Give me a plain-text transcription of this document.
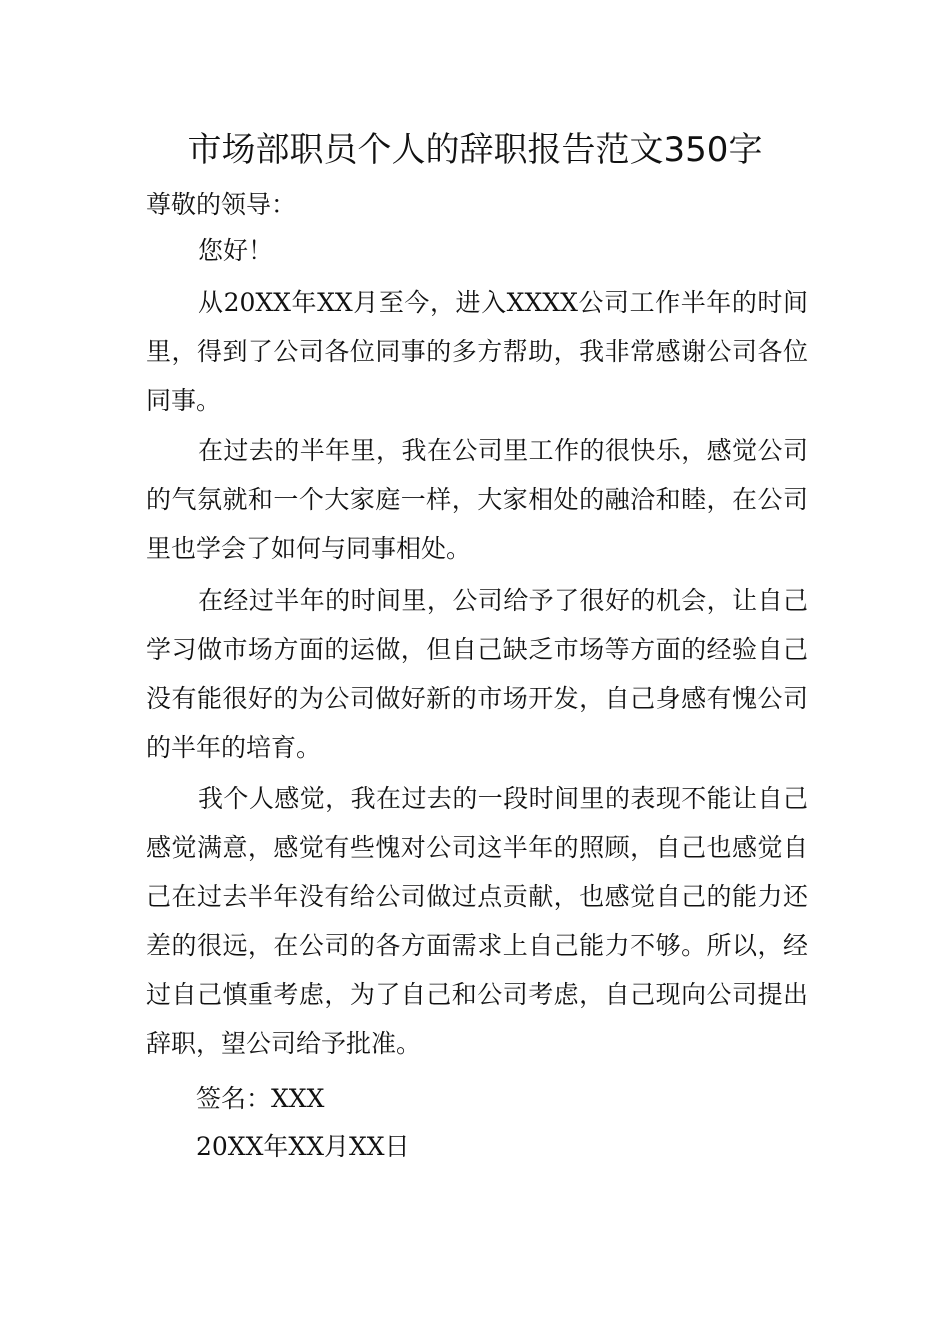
市场部职员个人的辞职报告范文350字

尊敬的领导：

您好！

从20XX年XX月至今，进入XXXX公司工作半年的时间里，得到了公司各位同事的多方帮助，我非常感谢公司各位同事。

在过去的半年里，我在公司里工作的很快乐，感觉公司的气氛就和一个大家庭一样，大家相处的融洽和睦，在公司里也学会了如何与同事相处。

在经过半年的时间里，公司给予了很好的机会，让自己学习做市场方面的运做，但自己缺乏市场等方面的经验自己没有能很好的为公司做好新的市场开发，自己身感有愧公司的半年的培育。

我个人感觉，我在过去的一段时间里的表现不能让自己感觉满意，感觉有些愧对公司这半年的照顾，自己也感觉自己在过去半年没有给公司做过点贡献，也感觉自己的能力还差的很远，在公司的各方面需求上自己能力不够。所以，经过自己慎重考虑，为了自己和公司考虑，自己现向公司提出辞职，望公司给予批准。

签名：XXX

20XX年XX月XX日
